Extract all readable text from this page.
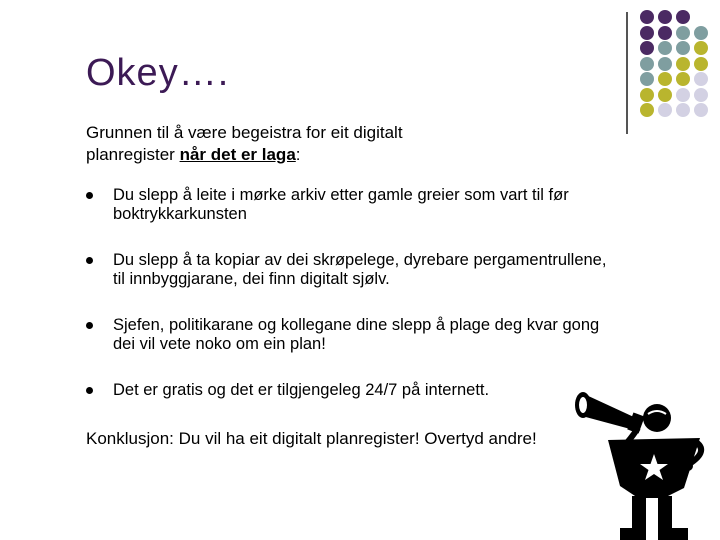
Okey….
Grunnen til å være begeistra for eit digitalt
planregister når det er laga:
Du slepp å leite i mørke arkiv etter gamle greier som vart til før
boktrykkarkunsten
Du slepp å ta kopiar av dei skrøpelege, dyrebare pergamentrullene,
til innbyggjarane, dei finn digitalt sjølv.
Sjefen, politikarane og kollegane dine slepp å plage deg kvar gong
dei vil vete noko om ein plan!
Det er gratis og det er tilgjengeleg 24/7 på internett.
Konklusjon: Du vil ha eit digitalt planregister! Overtyd andre!
